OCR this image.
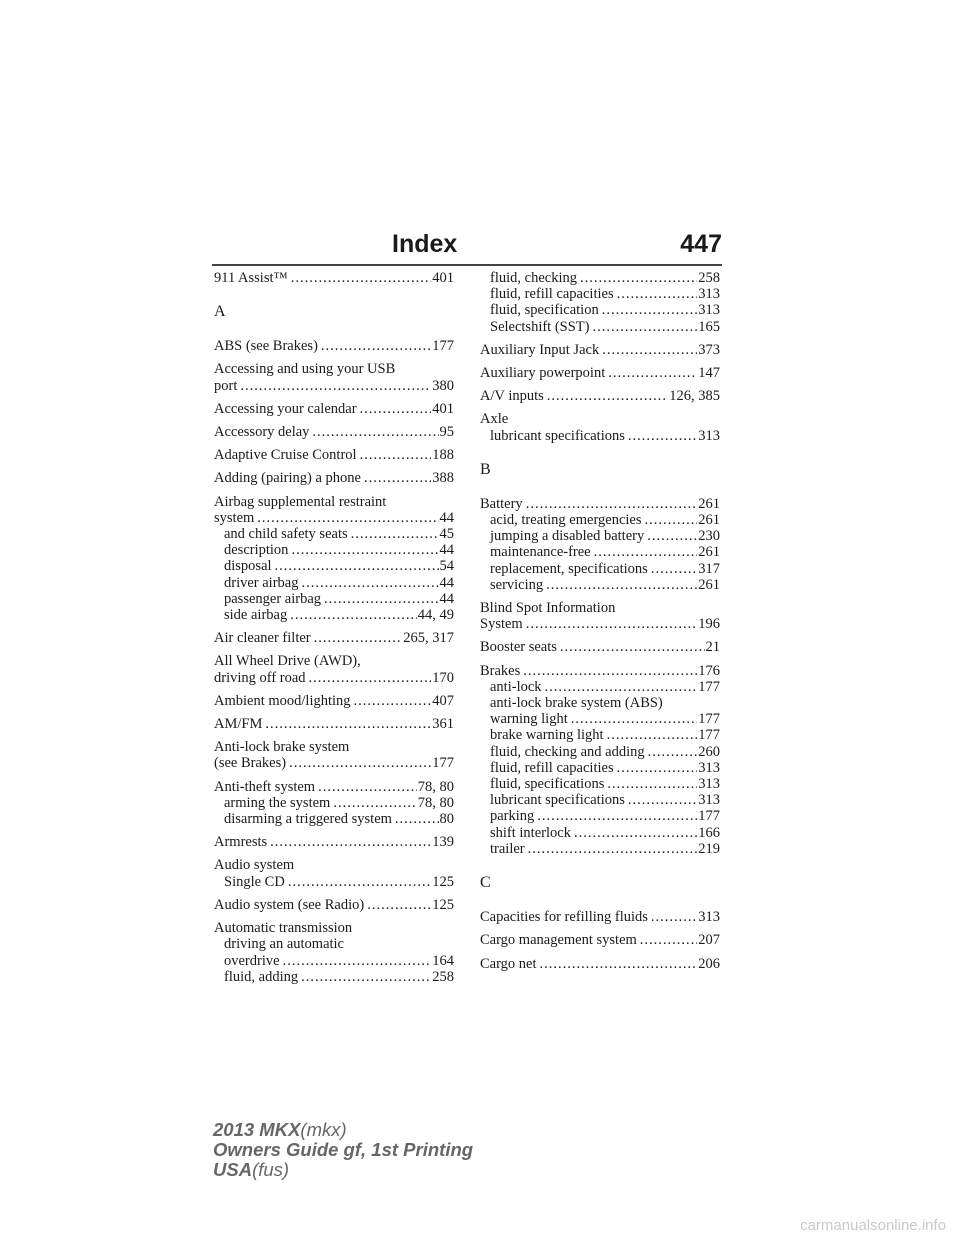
Index	447
911 Assist™ .....	401
A
ABS (see Brakes) .....	177
Accessing and using your USB
port .....	380
Accessing your calendar .....	401
Accessory delay .....	95
Adaptive Cruise Control .....	188
Adding (pairing) a phone .....	388
Airbag supplemental restraint
system .....	44
and child safety seats .....	45
description .....	44
disposal .....	54
driver airbag .....	44
passenger airbag .....	44
side airbag .....	44, 49
Air cleaner filter .....	265, 317
All Wheel Drive (AWD),
driving off road .....	170
Ambient mood/lighting .....	407
AM/FM .....	361
Anti-lock brake system
(see Brakes) .....	177
Anti-theft system .....	78, 80
arming the system .....	78, 80
disarming a triggered system .....	80
Armrests .....	139
Audio system
Single CD .....	125
Audio system (see Radio) .....	125
Automatic transmission
driving an automatic
overdrive .....	164
fluid, adding .....	258
fluid, checking .....	258
fluid, refill capacities .....	313
fluid, specification .....	313
Selectshift (SST) .....	165
Auxiliary Input Jack .....	373
Auxiliary powerpoint .....	147
A/V inputs .....	126, 385
Axle
lubricant specifications .....	313
B
Battery .....	261
acid, treating emergencies .....	261
jumping a disabled battery .....	230
maintenance-free .....	261
replacement, specifications .....	317
servicing .....	261
Blind Spot Information
System .....	196
Booster seats .....	21
Brakes .....	176
anti-lock .....	177
anti-lock brake system (ABS)
warning light .....	177
brake warning light .....	177
fluid, checking and adding .....	260
fluid, refill capacities .....	313
fluid, specifications .....	313
lubricant specifications .....	313
parking .....	177
shift interlock .....	166
trailer .....	219
C
Capacities for refilling fluids .....	313
Cargo management system .....	207
Cargo net .....	206
2013 MKX(mkx)
Owners Guide gf, 1st Printing
USA(fus)
carmanualsonline.info
